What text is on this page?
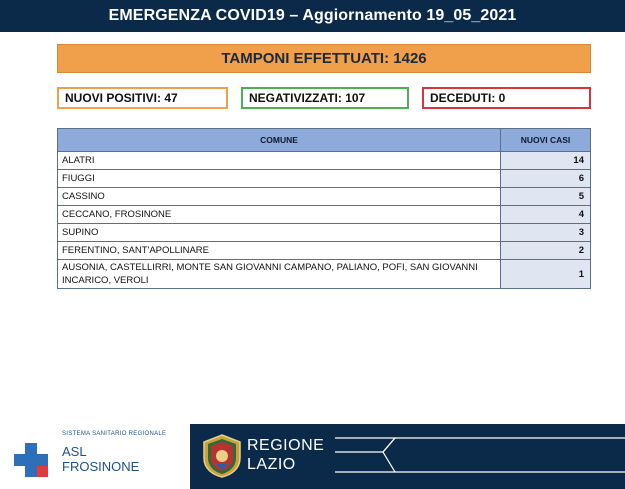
EMERGENZA COVID19 – Aggiornamento 19_05_2021
TAMPONI EFFETTUATI: 1426
NUOVI POSITIVI: 47	NEGATIVIZZATI: 107	DECEDUTI: 0
COMUNE	NUOVI CASI
ALATRI	14
FIUGGI	6
CASSINO	5
CECCANO, FROSINONE	4
SUPINO	3
FERENTINO, SANT'APOLLINARE	2
AUSONIA, CASTELLIRRI, MONTE SAN GIOVANNI CAMPANO, PALIANO, POFI, SAN GIOVANNI INCARICO, VEROLI	1
SISTEMA SANITARIO REGIONALE
ASL
FROSINONE
REGIONE
LAZIO
